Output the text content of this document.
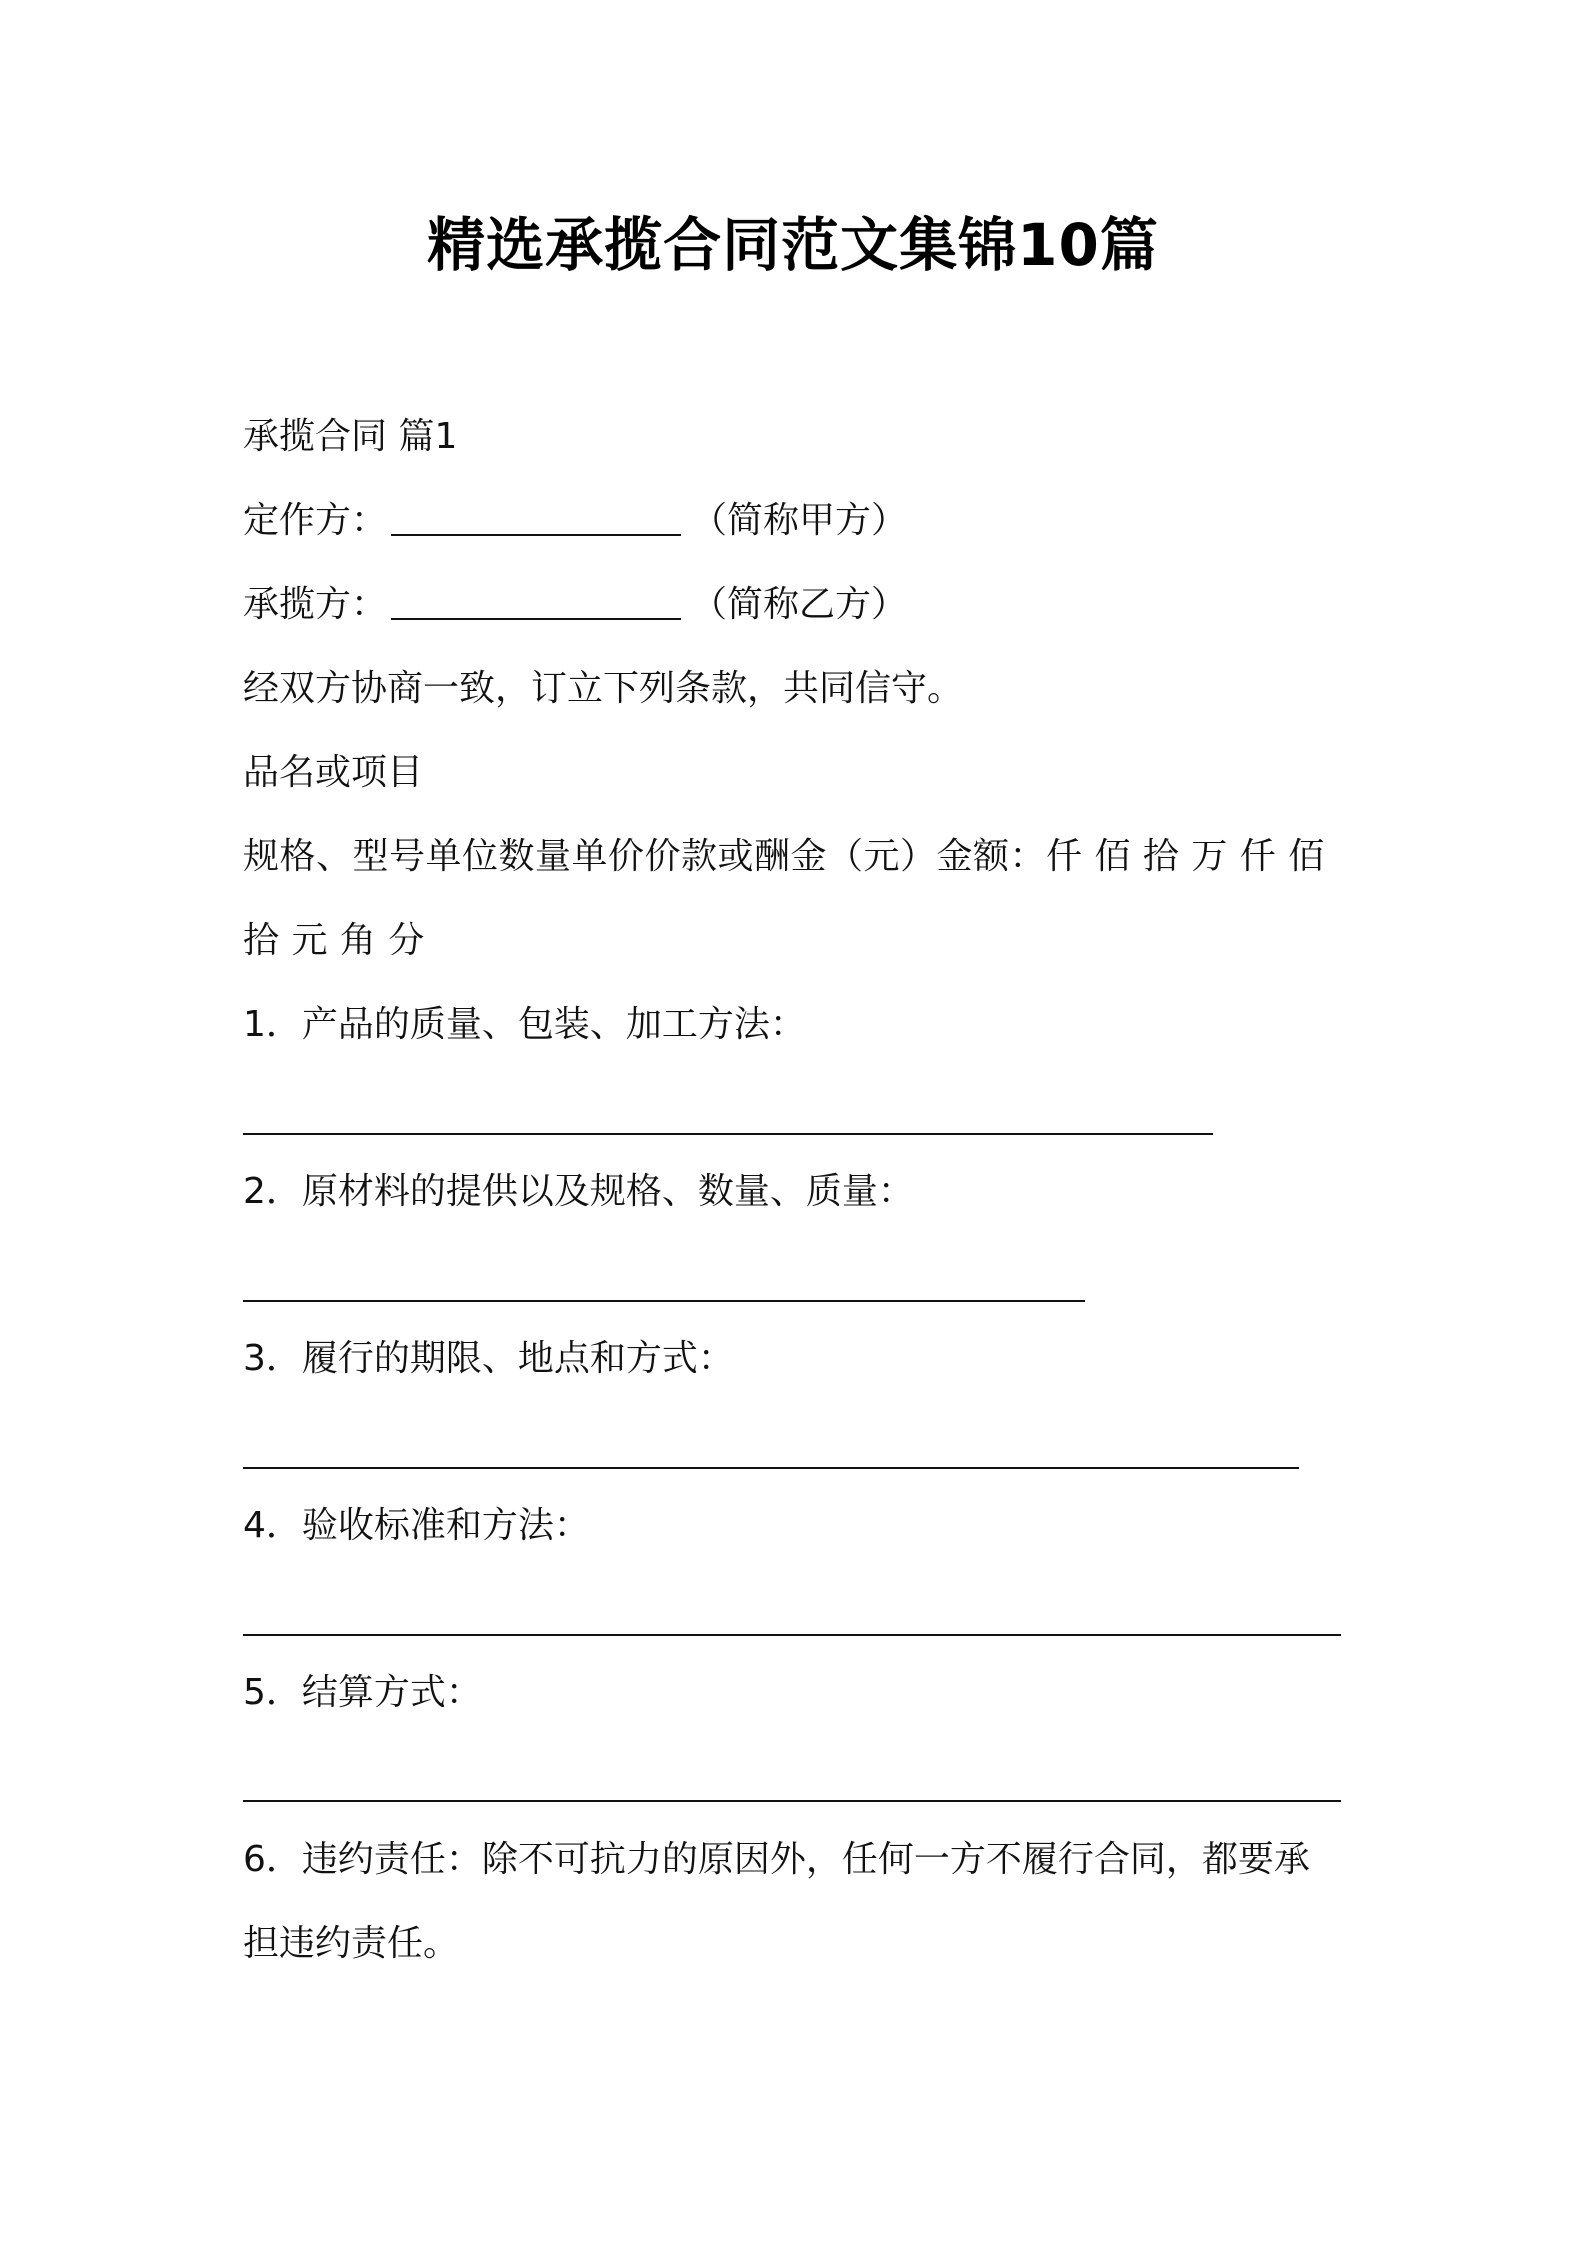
精选承揽合同范文集锦10篇
承揽合同 篇1
定作方：	（简称甲方）
承揽方：	（简称乙方）
经双方协商一致，订立下列条款，共同信守。
品名或项目
规格、型号单位数量单价价款或酬金（元）金额：仟 佰 拾 万 仟 佰
拾 元 角 分
1．产品的质量、包装、加工方法：
2．原材料的提供以及规格、数量、质量：
3．履行的期限、地点和方式：
4．验收标准和方法：
5．结算方式：
6．违约责任：除不可抗力的原因外，任何一方不履行合同，都要承
担违约责任。
